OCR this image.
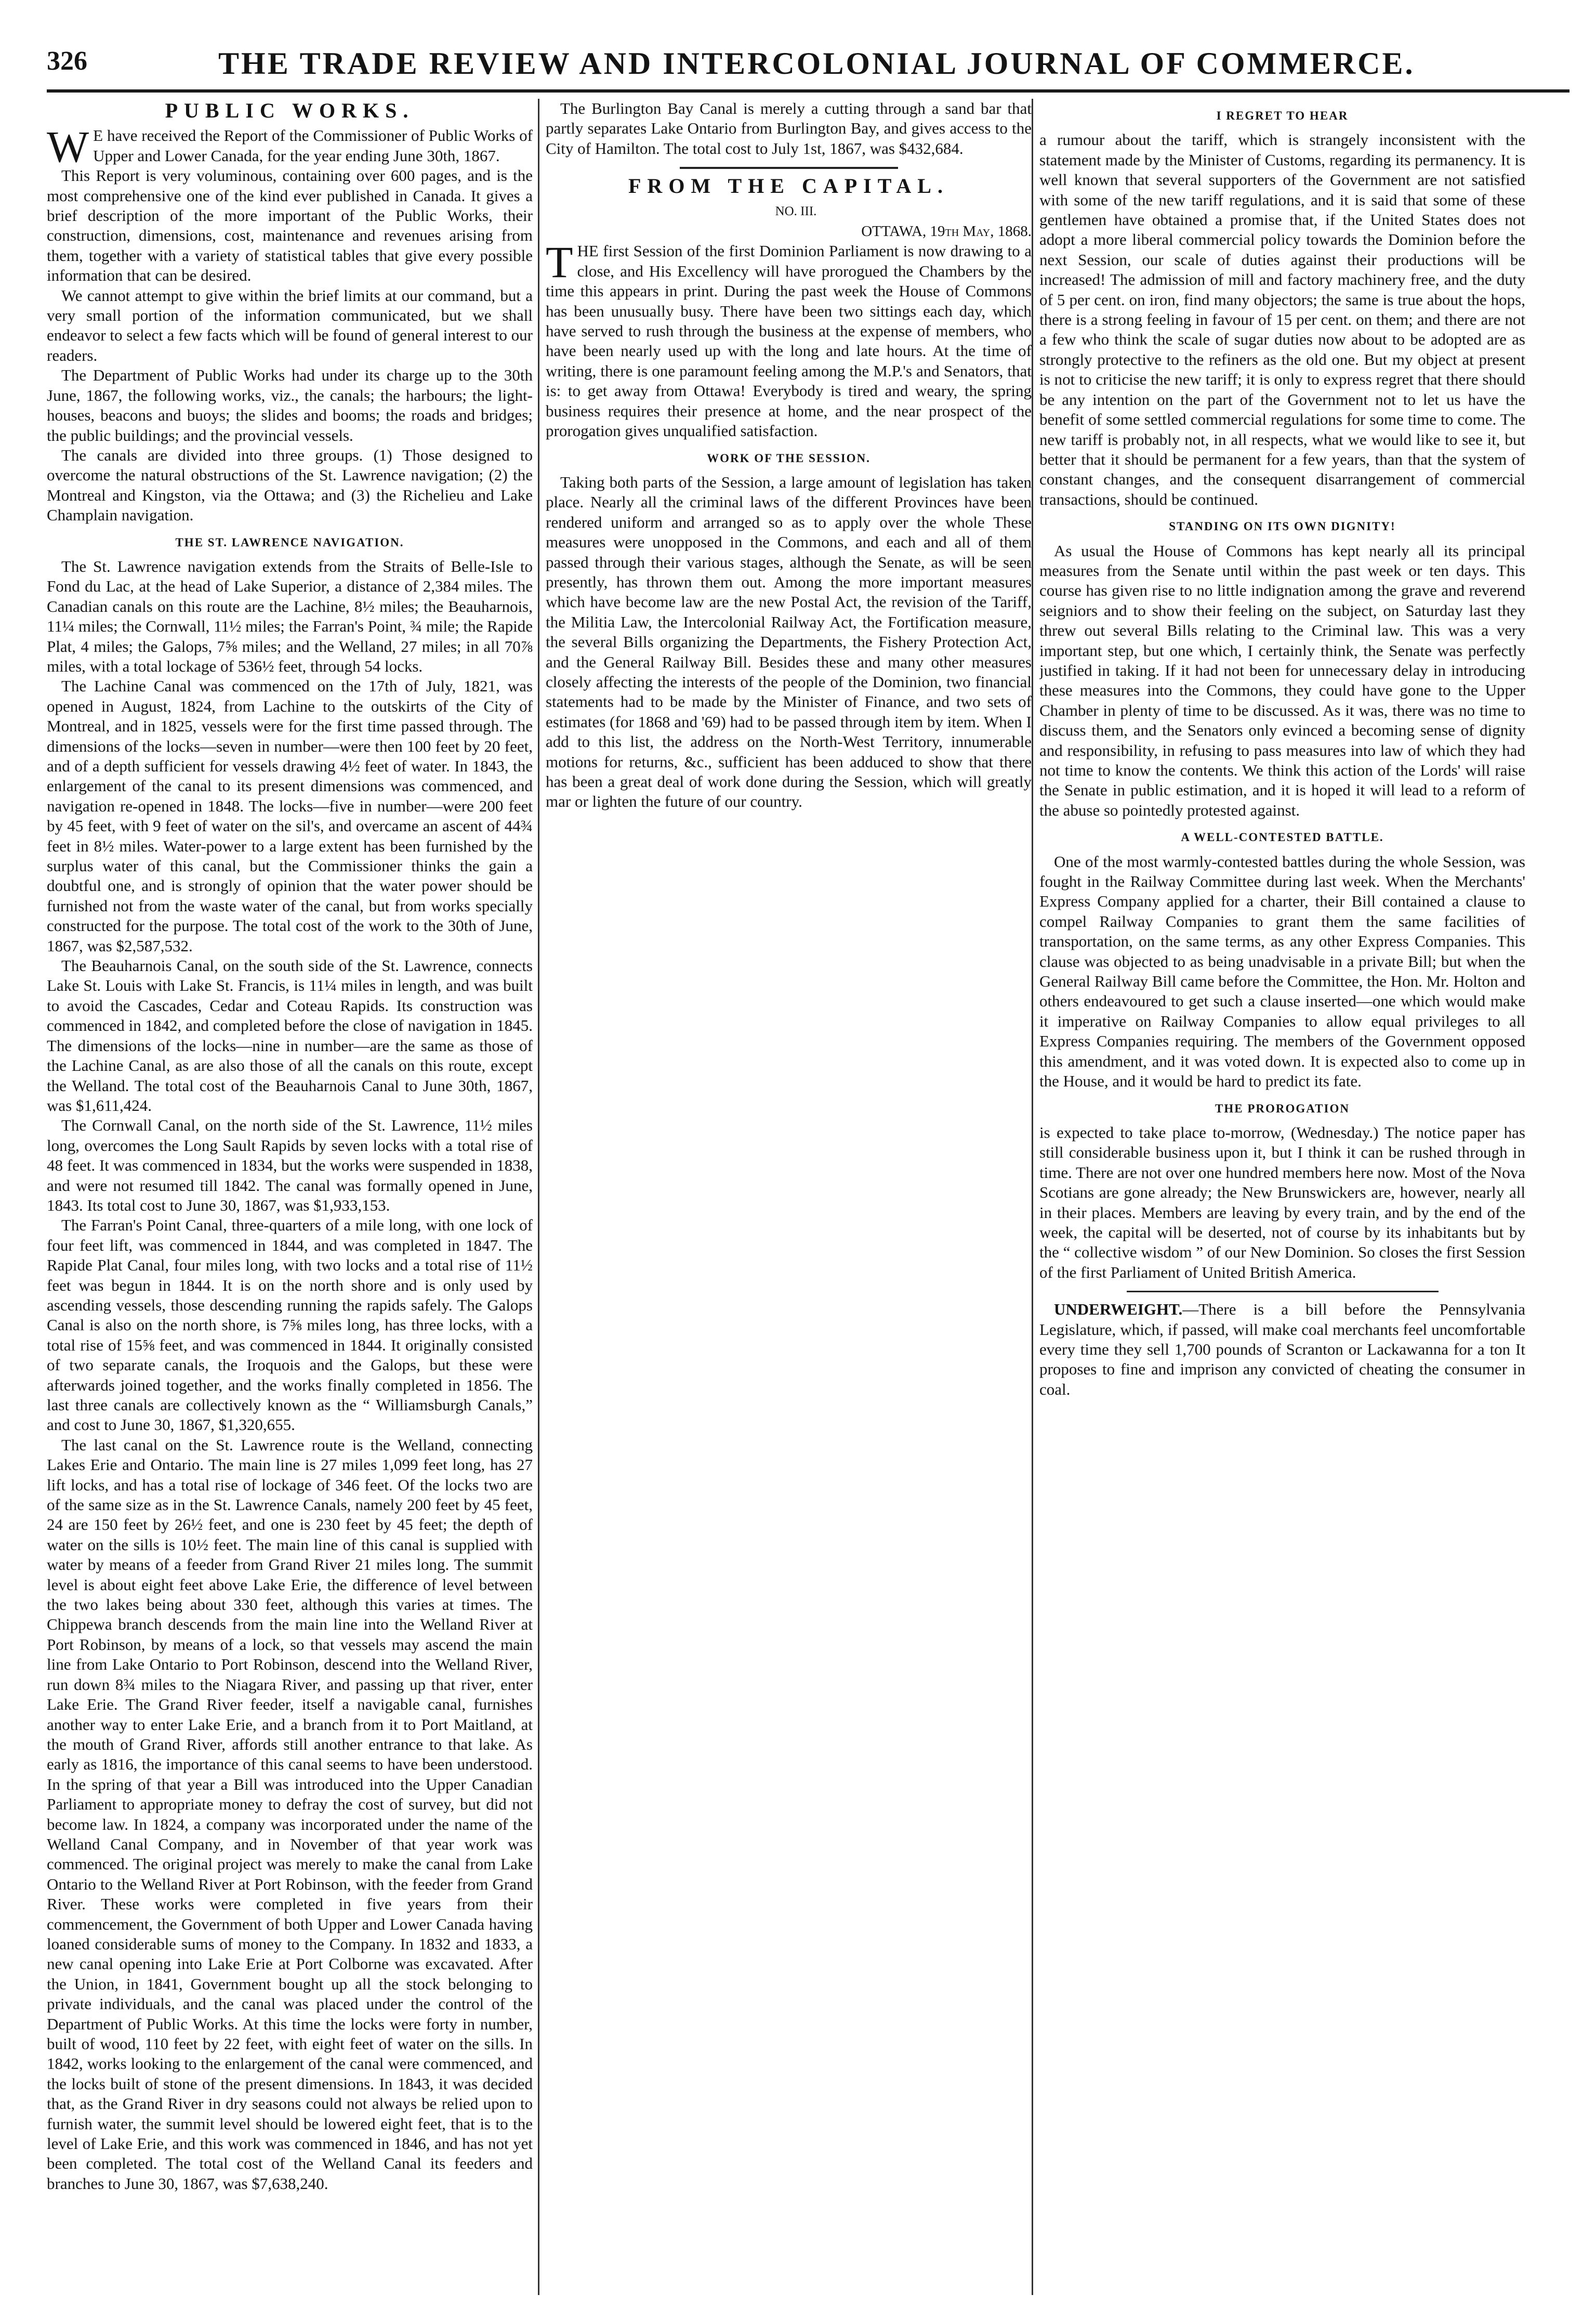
326	THE TRADE REVIEW AND INTERCOLONIAL JOURNAL OF COMMERCE.
PUBLIC WORKS.

W E have received the Report of the Commissioner of Public Works of Upper and Lower Canada, for the year ending June 30th, 1867.

This Report is very voluminous, containing over 600 pages, and is the most comprehensive one of the kind ever published in Canada. It gives a brief description of the more important of the Public Works, their construction, dimensions, cost, maintenance and revenues arising from them, together with a variety of statistical tables that give every possible information that can be desired.

We cannot attempt to give within the brief limits at our command, but a very small portion of the information communicated, but we shall endeavor to select a few facts which will be found of general interest to our readers.

The Department of Public Works had under its charge up to the 30th June, 1867, the following works, viz., the canals; the harbours; the light-houses, beacons and buoys; the slides and booms; the roads and bridges; the public buildings; and the provincial vessels.

The canals are divided into three groups. (1) Those designed to overcome the natural obstructions of the St. Lawrence navigation; (2) the Montreal and Kingston, via the Ottawa; and (3) the Richelieu and Lake Champlain navigation.

THE ST. LAWRENCE NAVIGATION.

The St. Lawrence navigation extends from the Straits of Belle-Isle to Fond du Lac, at the head of Lake Superior, a distance of 2,384 miles. The Canadian canals on this route are the Lachine, 8½ miles; the Beauharnois, 11¼ miles; the Cornwall, 11½ miles; the Farran's Point, ¾ mile; the Rapide Plat, 4 miles; the Galops, 7⅝ miles; and the Welland, 27 miles; in all 70⅞ miles, with a total lockage of 536½ feet, through 54 locks.

The Lachine Canal was commenced on the 17th of July, 1821, was opened in August, 1824, from Lachine to the outskirts of the City of Montreal, and in 1825, vessels were for the first time passed through. The dimensions of the locks—seven in number—were then 100 feet by 20 feet, and of a depth sufficient for vessels drawing 4½ feet of water. In 1843, the enlargement of the canal to its present dimensions was commenced, and navigation re-opened in 1848. The locks—five in number—were 200 feet by 45 feet, with 9 feet of water on the sil's, and overcame an ascent of 44¾ feet in 8½ miles. Water-power to a large extent has been furnished by the surplus water of this canal, but the Commissioner thinks the gain a doubtful one, and is strongly of opinion that the water power should be furnished not from the waste water of the canal, but from works specially constructed for the purpose. The total cost of the work to the 30th of June, 1867, was $2,587,532.

The Beauharnois Canal, on the south side of the St. Lawrence, connects Lake St. Louis with Lake St. Francis, is 11¼ miles in length, and was built to avoid the Cascades, Cedar and Coteau Rapids. Its construction was commenced in 1842, and completed before the close of navigation in 1845. The dimensions of the locks—nine in number—are the same as those of the Lachine Canal, as are also those of all the canals on this route, except the Welland. The total cost of the Beauharnois Canal to June 30th, 1867, was $1,611,424.

The Cornwall Canal, on the north side of the St. Lawrence, 11½ miles long, overcomes the Long Sault Rapids by seven locks with a total rise of 48 feet. It was commenced in 1834, but the works were suspended in 1838, and were not resumed till 1842. The canal was formally opened in June, 1843. Its total cost to June 30, 1867, was $1,933,153.

The Farran's Point Canal, three-quarters of a mile long, with one lock of four feet lift, was commenced in 1844, and was completed in 1847. The Rapide Plat Canal, four miles long, with two locks and a total rise of 11½ feet was begun in 1844. It is on the north shore and is only used by ascending vessels, those descending running the rapids safely. The Galops Canal is also on the north shore, is 7⅝ miles long, has three locks, with a total rise of 15⅝ feet, and was commenced in 1844. It originally consisted of two separate canals, the Iroquois and the Galops, but these were afterwards joined together, and the works finally completed in 1856. The last three canals are collectively known as the “ Williamsburgh Canals,” and cost to June 30, 1867, $1,320,655.

The last canal on the St. Lawrence route is the Welland, connecting Lakes Erie and Ontario. The main line is 27 miles 1,099 feet long, has 27 lift locks, and has a total rise of lockage of 346 feet. Of the locks two are of the same size as in the St. Lawrence Canals, namely 200 feet by 45 feet, 24 are 150 feet by 26½ feet, and one is 230 feet by 45 feet; the depth of water on the sills is 10½ feet. The main line of this canal is supplied with water by means of a feeder from Grand River 21 miles long. The summit level is about eight feet above Lake Erie, the difference of level between the two lakes being about 330 feet, although this varies at times. The Chippewa branch descends from the main line into the Welland River at Port Robinson, by means of a lock, so that vessels may ascend the main line from Lake Ontario to Port Robinson, descend into the Welland River, run down 8¾ miles to the Niagara River, and passing up that river, enter Lake Erie. The Grand River feeder, itself a navigable canal, furnishes another way to enter Lake Erie, and a branch from it to Port Maitland, at the mouth of Grand River, affords still another entrance to that lake. As early as 1816, the importance of this canal seems to have been understood. In the spring of that year a Bill was introduced into the Upper Canadian Parliament to appropriate money to defray the cost of survey, but did not become law. In 1824, a company was incorporated under the name of the Welland Canal Company, and in November of that year work was commenced. The original project was merely to make the canal from Lake Ontario to the Welland River at Port Robinson, with the feeder from Grand River. These works were completed in five years from their commencement, the Government of both Upper and Lower Canada having loaned considerable sums of money to the Company. In 1832 and 1833, a new canal opening into Lake Erie at Port Colborne was excavated. After the Union, in 1841, Government bought up all the stock belonging to private individuals, and the canal was placed under the control of the Department of Public Works. At this time the locks were forty in number, built of wood, 110 feet by 22 feet, with eight feet of water on the sills. In 1842, works looking to the enlargement of the canal were commenced, and the locks built of stone of the present dimensions. In 1843, it was decided that, as the Grand River in dry seasons could not always be relied upon to furnish water, the summit level should be lowered eight feet, that is to the level of Lake Erie, and this work was commenced in 1846, and has not yet been completed. The total cost of the Welland Canal its feeders and branches to June 30, 1867, was $7,638,240.

The Burlington Bay Canal is merely a cutting through a sand bar that partly separates Lake Ontario from Burlington Bay, and gives access to the City of Hamilton. The total cost to July 1st, 1867, was $432,684.

FROM THE CAPITAL.

NO. III.

OTTAWA, 19th May, 1868.

THE first Session of the first Dominion Parliament is now drawing to a close, and His Excellency will have prorogued the Chambers by the time this appears in print. During the past week the House of Commons has been unusually busy. There have been two sittings each day, which have served to rush through the business at the expense of members, who have been nearly used up with the long and late hours. At the time of writing, there is one paramount feeling among the M.P.'s and Senators, that is: to get away from Ottawa! Everybody is tired and weary, the spring business requires their presence at home, and the near prospect of the prorogation gives unqualified satisfaction.

WORK OF THE SESSION.

Taking both parts of the Session, a large amount of legislation has taken place. Nearly all the criminal laws of the different Provinces have been rendered uniform and arranged so as to apply over the whole These measures were unopposed in the Commons, and each and all of them passed through their various stages, although the Senate, as will be seen presently, has thrown them out. Among the more important measures which have become law are the new Postal Act, the revision of the Tariff, the Militia Law, the Intercolonial Railway Act, the Fortification measure, the several Bills organizing the Departments, the Fishery Protection Act, and the General Railway Bill. Besides these and many other measures closely affecting the interests of the people of the Dominion, two financial statements had to be made by the Minister of Finance, and two sets of estimates (for 1868 and '69) had to be passed through item by item. When I add to this list, the address on the North-West Territory, innumerable motions for returns, &c., sufficient has been adduced to show that there has been a great deal of work done during the Session, which will greatly mar or lighten the future of our country.

I REGRET TO HEAR

a rumour about the tariff, which is strangely inconsistent with the statement made by the Minister of Customs, regarding its permanency. It is well known that several supporters of the Government are not satisfied with some of the new tariff regulations, and it is said that some of these gentlemen have obtained a promise that, if the United States does not adopt a more liberal commercial policy towards the Dominion before the next Session, our scale of duties against their productions will be increased! The admission of mill and factory machinery free, and the duty of 5 per cent. on iron, find many objectors; the same is true about the hops, there is a strong feeling in favour of 15 per cent. on them; and there are not a few who think the scale of sugar duties now about to be adopted are as strongly protective to the refiners as the old one. But my object at present is not to criticise the new tariff; it is only to express regret that there should be any intention on the part of the Government not to let us have the benefit of some settled commercial regulations for some time to come. The new tariff is probably not, in all respects, what we would like to see it, but better that it should be permanent for a few years, than that the system of constant changes, and the consequent disarrangement of commercial transactions, should be continued.

STANDING ON ITS OWN DIGNITY!

As usual the House of Commons has kept nearly all its principal measures from the Senate until within the past week or ten days. This course has given rise to no little indignation among the grave and reverend seigniors and to show their feeling on the subject, on Saturday last they threw out several Bills relating to the Criminal law. This was a very important step, but one which, I certainly think, the Senate was perfectly justified in taking. If it had not been for unnecessary delay in introducing these measures into the Commons, they could have gone to the Upper Chamber in plenty of time to be discussed. As it was, there was no time to discuss them, and the Senators only evinced a becoming sense of dignity and responsibility, in refusing to pass measures into law of which they had not time to know the contents. We think this action of the Lords' will raise the Senate in public estimation, and it is hoped it will lead to a reform of the abuse so pointedly protested against.

A WELL-CONTESTED BATTLE.

One of the most warmly-contested battles during the whole Session, was fought in the Railway Committee during last week. When the Merchants' Express Company applied for a charter, their Bill contained a clause to compel Railway Companies to grant them the same facilities of transportation, on the same terms, as any other Express Companies. This clause was objected to as being unadvisable in a private Bill; but when the General Railway Bill came before the Committee, the Hon. Mr. Holton and others endeavoured to get such a clause inserted—one which would make it imperative on Railway Companies to allow equal privileges to all Express Companies requiring. The members of the Government opposed this amendment, and it was voted down. It is expected also to come up in the House, and it would be hard to predict its fate.

THE PROROGATION

is expected to take place to-morrow, (Wednesday.) The notice paper has still considerable business upon it, but I think it can be rushed through in time. There are not over one hundred members here now. Most of the Nova Scotians are gone already; the New Brunswickers are, however, nearly all in their places. Members are leaving by every train, and by the end of the week, the capital will be deserted, not of course by its inhabitants but by the “ collective wisdom ” of our New Dominion. So closes the first Session of the first Parliament of United British America.

UNDERWEIGHT.—There is a bill before the Pennsylvania Legislature, which, if passed, will make coal merchants feel uncomfortable every time they sell 1,700 pounds of Scranton or Lackawanna for a ton It proposes to fine and imprison any convicted of cheating the consumer in coal.
